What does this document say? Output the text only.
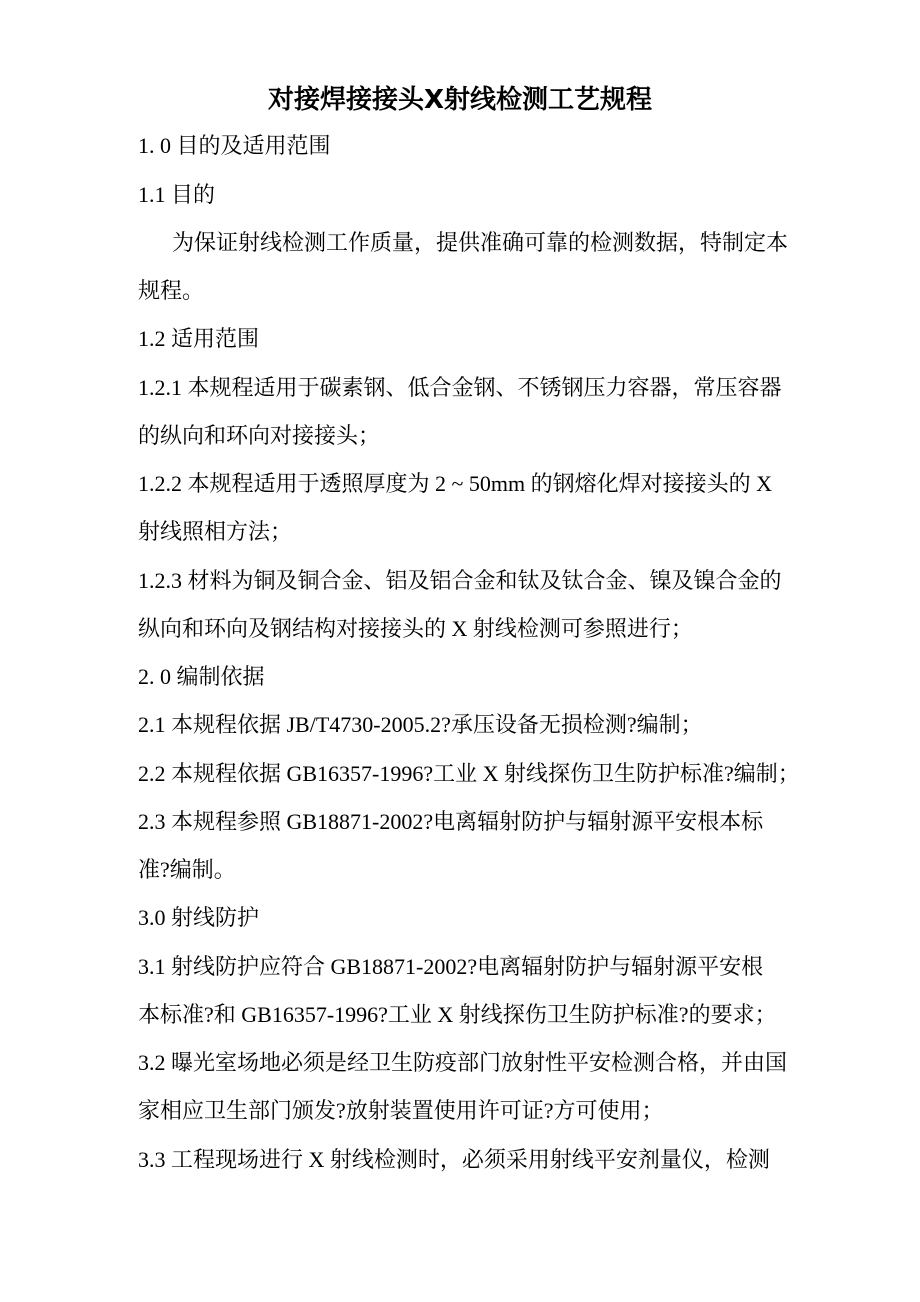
对接焊接接头X射线检测工艺规程
1. 0 目的及适用范围
1.1 目的
为保证射线检测工作质量，提供准确可靠的检测数据，特制定本
规程。
1.2 适用范围
1.2.1 本规程适用于碳素钢、低合金钢、不锈钢压力容器，常压容器
的纵向和环向对接接头；
1.2.2 本规程适用于透照厚度为 2 ~ 50mm 的钢熔化焊对接接头的 X
射线照相方法；
1.2.3 材料为铜及铜合金、铝及铝合金和钛及钛合金、镍及镍合金的
纵向和环向及钢结构对接接头的 X 射线检测可参照进行；
2. 0 编制依据
2.1 本规程依据 JB/T4730-2005.2?承压设备无损检测?编制；
2.2 本规程依据 GB16357-1996?工业 X 射线探伤卫生防护标准?编制；
2.3 本规程参照 GB18871-2002?电离辐射防护与辐射源平安根本标
准?编制。
3.0 射线防护
3.1 射线防护应符合 GB18871-2002?电离辐射防护与辐射源平安根
本标准?和 GB16357-1996?工业 X 射线探伤卫生防护标准?的要求；
3.2 曝光室场地必须是经卫生防疫部门放射性平安检测合格，并由国
家相应卫生部门颁发?放射装置使用许可证?方可使用；
3.3 工程现场进行 X 射线检测时，必须采用射线平安剂量仪，检测
